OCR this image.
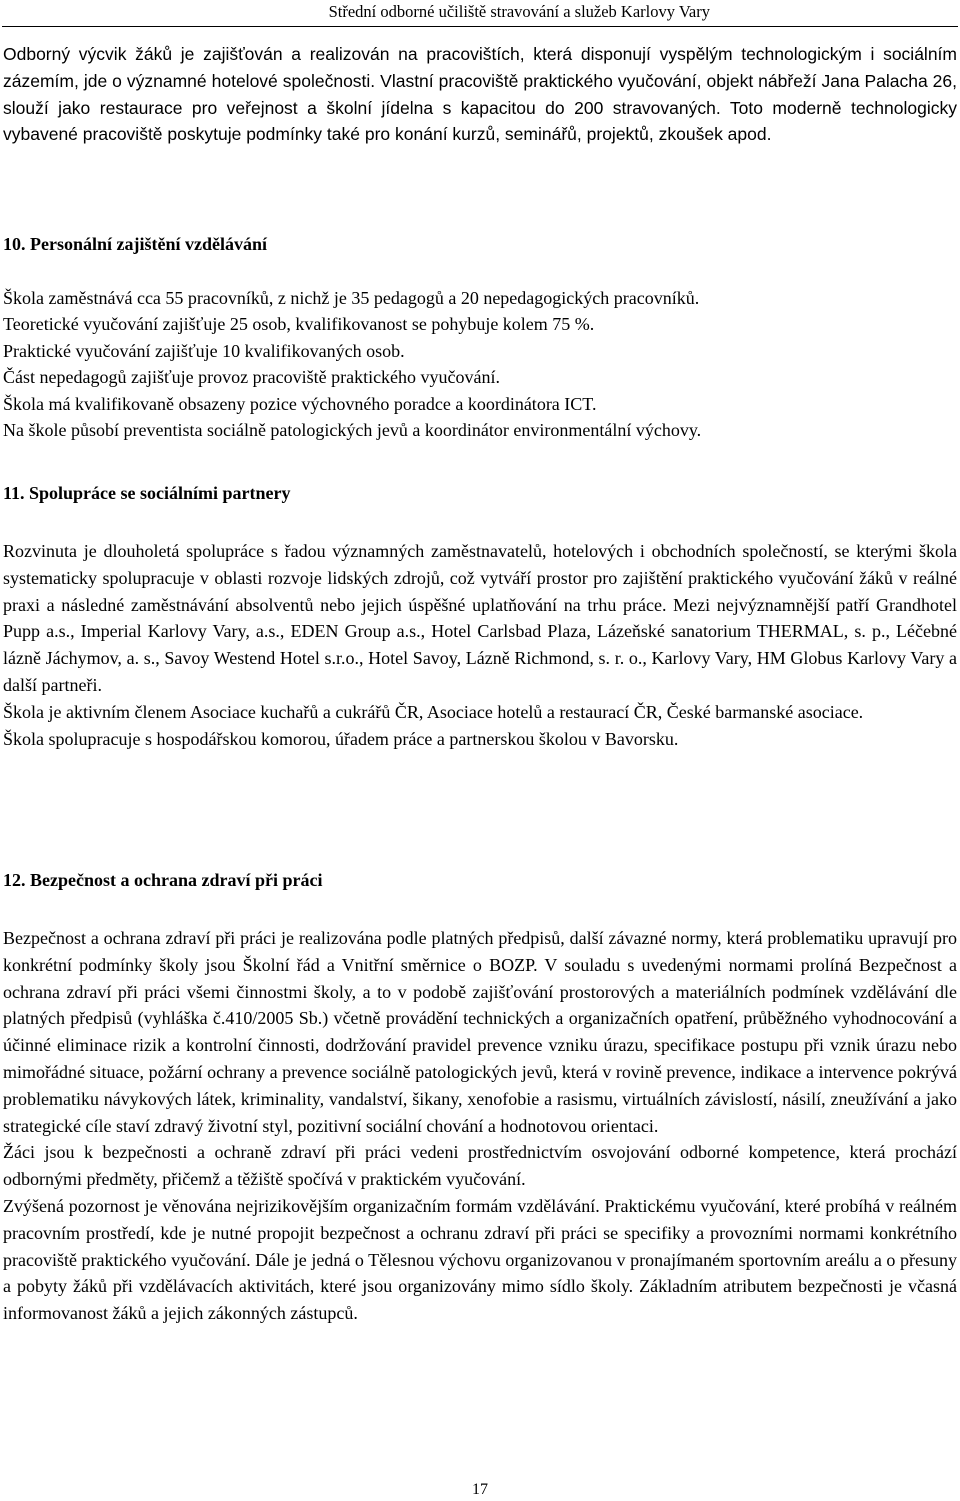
Střední odborné učiliště stravování a služeb Karlovy Vary

Odborný výcvik žáků je zajišťován a realizován na pracovištích, která disponují vyspělým technologickým i sociálním zázemím, jde o významné hotelové společnosti. Vlastní pracoviště praktického vyučování, objekt nábřeží Jana Palacha 26, slouží jako restaurace pro veřejnost a školní jídelna s kapacitou do 200 stravovaných. Toto moderně technologicky vybavené pracoviště poskytuje podmínky také pro konání kurzů, seminářů, projektů, zkoušek apod.

10. Personální zajištění vzdělávání
Škola zaměstnává cca 55 pracovníků, z nichž je 35 pedagogů a 20 nepedagogických pracovníků.
Teoretické vyučování zajišťuje 25 osob, kvalifikovanost se pohybuje kolem 75 %.
Praktické vyučování zajišťuje 10 kvalifikovaných osob.
Část nepedagogů zajišťuje provoz pracoviště praktického vyučování.
Škola má kvalifikovaně obsazeny pozice výchovného poradce a koordinátora ICT.
Na škole působí preventista sociálně patologických jevů a koordinátor environmentální výchovy.
11. Spolupráce se sociálními partnery

Rozvinuta je dlouholetá spolupráce s řadou významných zaměstnavatelů, hotelových i obchodních společností, se kterými škola systematicky spolupracuje v oblasti rozvoje lidských zdrojů, což vytváří prostor pro zajištění praktického vyučování žáků v reálné praxi a následné zaměstnávání absolventů nebo jejich úspěšné uplatňování na trhu práce. Mezi nejvýznamnější patří Grandhotel Pupp a.s., Imperial Karlovy Vary, a.s., EDEN Group a.s., Hotel Carlsbad Plaza, Lázeňské sanatorium THERMAL, s. p., Léčebné lázně Jáchymov, a. s., Savoy Westend Hotel s.r.o., Hotel Savoy, Lázně Richmond, s. r. o., Karlovy Vary, HM Globus Karlovy Vary a další partneři.

Škola je aktivním členem Asociace kuchařů a cukrářů ČR, Asociace hotelů a restaurací ČR, České barmanské asociace.

Škola spolupracuje s hospodářskou komorou, úřadem práce a partnerskou školou v Bavorsku.

12. Bezpečnost a ochrana zdraví při práci

Bezpečnost a ochrana zdraví při práci je realizována podle platných předpisů, další závazné normy, která problematiku upravují pro konkrétní podmínky školy jsou Školní řád a Vnitřní směrnice o BOZP. V souladu s uvedenými normami prolíná Bezpečnost a ochrana zdraví při práci všemi činnostmi školy, a to v podobě zajišťování prostorových a materiálních podmínek vzdělávání dle platných předpisů (vyhláška č.410/2005 Sb.) včetně provádění technických a organizačních opatření, průběžného vyhodnocování a účinné eliminace rizik a kontrolní činnosti, dodržování pravidel prevence vzniku úrazu, specifikace postupu při vznik úrazu nebo mimořádné situace, požární ochrany a prevence sociálně patologických jevů, která v rovině prevence, indikace a intervence pokrývá problematiku návykových látek, kriminality, vandalství, šikany, xenofobie a rasismu, virtuálních závislostí, násilí, zneužívání a jako strategické cíle staví zdravý životní styl, pozitivní sociální chování a hodnotovou orientaci.

Žáci jsou k bezpečnosti a ochraně zdraví při práci vedeni prostřednictvím osvojování odborné kompetence, která prochází odbornými předměty, přičemž a těžiště spočívá v praktickém vyučování.

Zvýšená pozornost je věnována nejrizikovějším organizačním formám vzdělávání. Praktickému vyučování, které probíhá v reálném pracovním prostředí, kde je nutné propojit bezpečnost a ochranu zdraví při práci se specifiky a provozními normami konkrétního pracoviště praktického vyučování. Dále je jedná o Tělesnou výchovu organizovanou v pronajímaném sportovním areálu a o přesuny a pobyty žáků při vzdělávacích aktivitách, které jsou organizovány mimo sídlo školy. Základním atributem bezpečnosti je včasná informovanost žáků a jejich zákonných zástupců.

17
